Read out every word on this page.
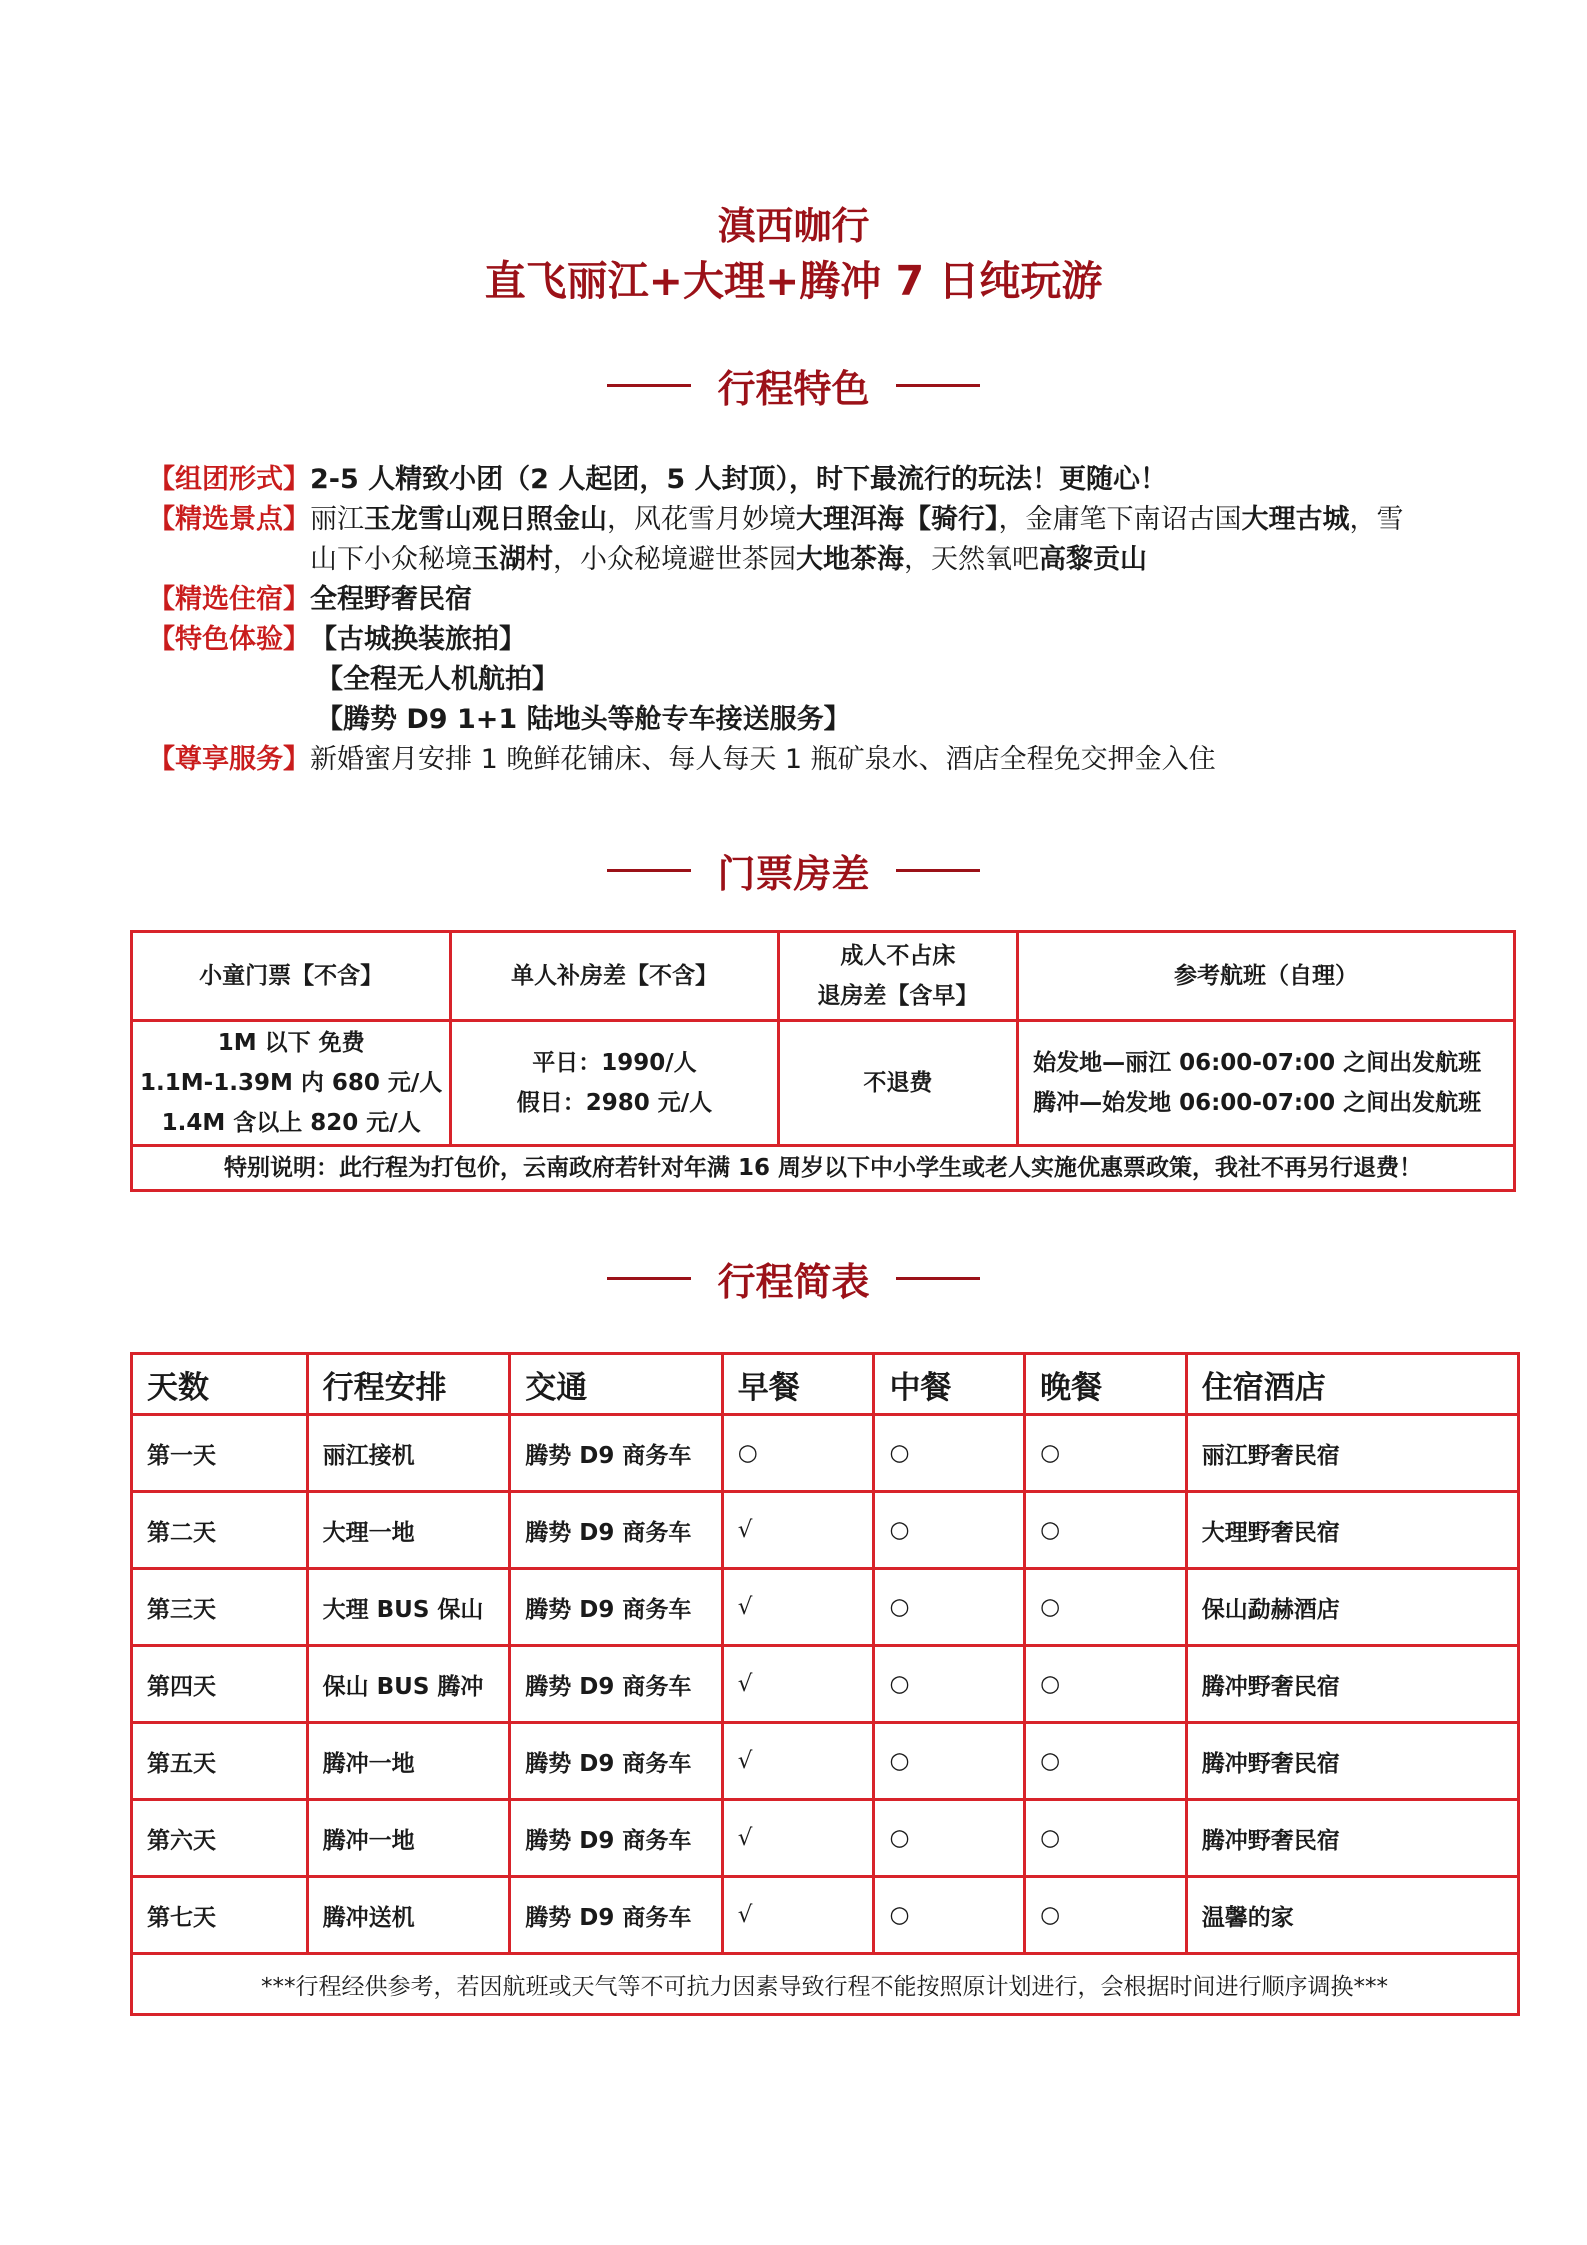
滇西咖行
直飞丽江+大理+腾冲 7 日纯玩游
行程特色
【组团形式】 2-5 人精致小团（2 人起团，5 人封顶），时下最流行的玩法！更随心！
【精选景点】 丽江玉龙雪山观日照金山，风花雪月妙境大理洱海【骑行】，金庸笔下南诏古国大理古城，雪
山下小众秘境玉湖村，小众秘境避世茶园大地茶海，天然氧吧高黎贡山
【精选住宿】 全程野奢民宿
【特色体验】 【古城换装旅拍】
【全程无人机航拍】
【腾势 D9 1+1 陆地头等舱专车接送服务】
【尊享服务】 新婚蜜月安排 1 晚鲜花铺床、每人每天 1 瓶矿泉水、酒店全程免交押金入住
门票房差
小童门票【不含】	单人补房差【不含】	成人不占床
退房差【含早】	参考航班（自理）
1M 以下 免费
1.1M-1.39M 内 680 元/人
1.4M 含以上 820 元/人	平日：1990/人
假日：2980 元/人	不退费	始发地—丽江 06:00-07:00 之间出发航班
腾冲—始发地 06:00-07:00 之间出发航班
特别说明：此行程为打包价，云南政府若针对年满 16 周岁以下中小学生或老人实施优惠票政策，我社不再另行退费！			
行程简表
天数	行程安排	交通	早餐	中餐	晚餐	住宿酒店
第一天	丽江接机	腾势 D9 商务车	○	○	○	丽江野奢民宿
第二天	大理一地	腾势 D9 商务车	√	○	○	大理野奢民宿
第三天	大理 BUS 保山	腾势 D9 商务车	√	○	○	保山勐赫酒店
第四天	保山 BUS 腾冲	腾势 D9 商务车	√	○	○	腾冲野奢民宿
第五天	腾冲一地	腾势 D9 商务车	√	○	○	腾冲野奢民宿
第六天	腾冲一地	腾势 D9 商务车	√	○	○	腾冲野奢民宿
第七天	腾冲送机	腾势 D9 商务车	√	○	○	温馨的家
***行程经供参考，若因航班或天气等不可抗力因素导致行程不能按照原计划进行，会根据时间进行顺序调换***						
